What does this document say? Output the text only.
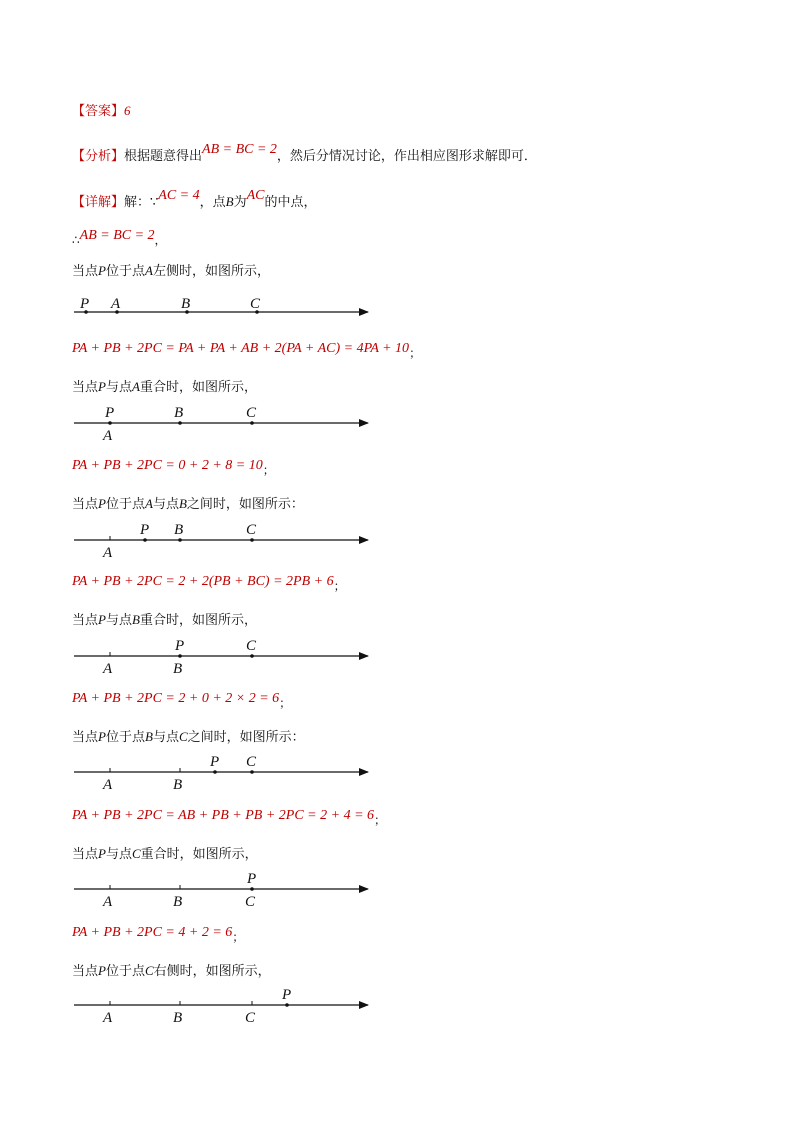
【答案】6
【分析】根据题意得出AB = BC = 2，然后分情况讨论，作出相应图形求解即可．
【详解】解：∵AC = 4，点B为AC的中点，
∴AB = BC = 2，
当点P位于点A左侧时，如图所示，
PA + PB + 2PC = PA + PA + AB + 2(PA + AC) = 4PA + 10；
当点P与点A重合时，如图所示，
PA + PB + 2PC = 0 + 2 + 8 = 10；
当点P位于点A与点B之间时，如图所示：
PA + PB + 2PC = 2 + 2(PB + BC) = 2PB + 6；
当点P与点B重合时，如图所示，
PA + PB + 2PC = 2 + 0 + 2 × 2 = 6；
当点P位于点B与点C之间时，如图所示：
PA + PB + 2PC = AB + PB + PB + 2PC = 2 + 4 = 6；
当点P与点C重合时，如图所示，
PA + PB + 2PC = 4 + 2 = 6；
当点P位于点C右侧时，如图所示，
P A	B	C
P
A
B	C
A
P B	C
A
P
B
C
A	B
P C
A	B
P
C
A	B	C
P
